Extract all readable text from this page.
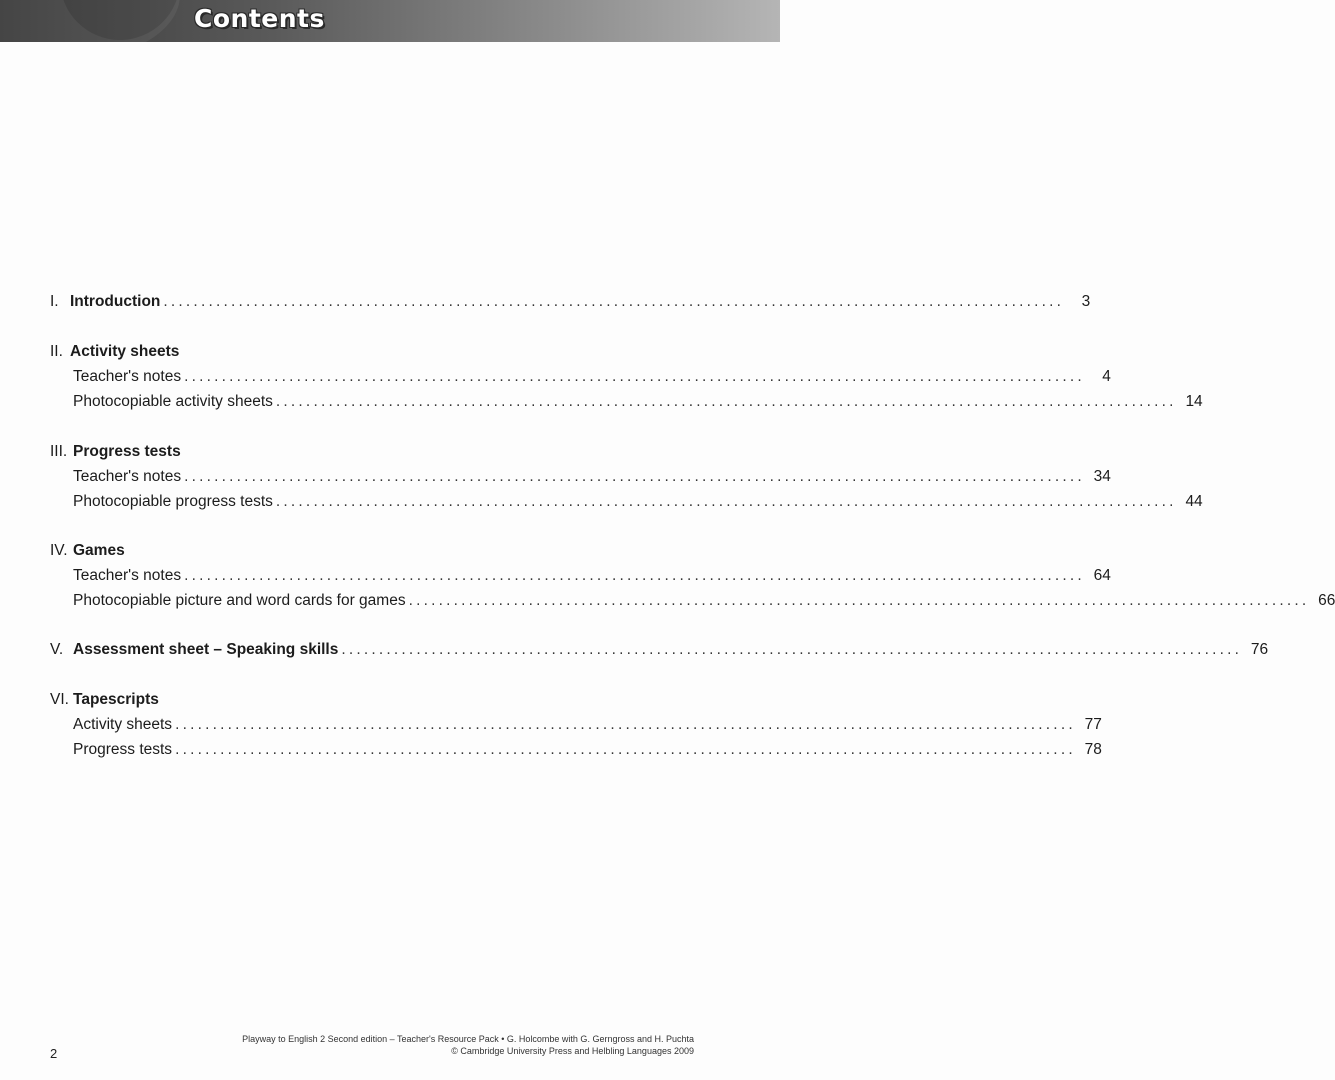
Contents
I. Introduction ........................................................................................................................	3
II. Activity sheets
Teacher's notes ........................................................................................................................	4
Photocopiable activity sheets ........................................................................................................................ 14
III. Progress tests
Teacher's notes ........................................................................................................................ 34
Photocopiable progress tests ........................................................................................................................ 44
IV. Games
Teacher's notes ........................................................................................................................ 64
Photocopiable picture and word cards for games ........................................................................................................................ 66
V. Assessment sheet – Speaking skills ........................................................................................................................ 76
VI. Tapescripts
Activity sheets ........................................................................................................................ 77
Progress tests ........................................................................................................................ 78
Playway to English 2 Second edition – Teacher's Resource Pack • G. Holcombe with G. Gerngross and H. Puchta
© Cambridge University Press and Helbling Languages 2009
2
